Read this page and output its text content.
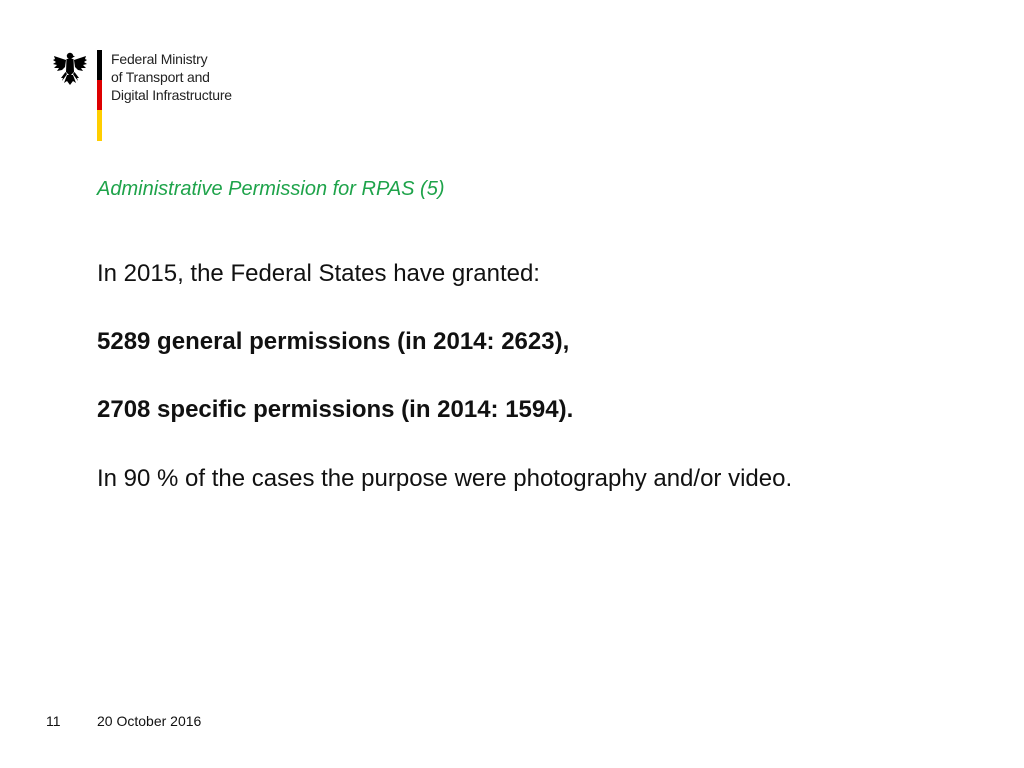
Federal Ministry
of Transport and
Digital Infrastructure
Administrative Permission for RPAS (5)
In 2015, the Federal States have granted:
5289 general permissions (in 2014: 2623),
2708 specific permissions (in 2014: 1594).
In 90 % of the cases the purpose were photography and/or video.
11	20 October 2016
